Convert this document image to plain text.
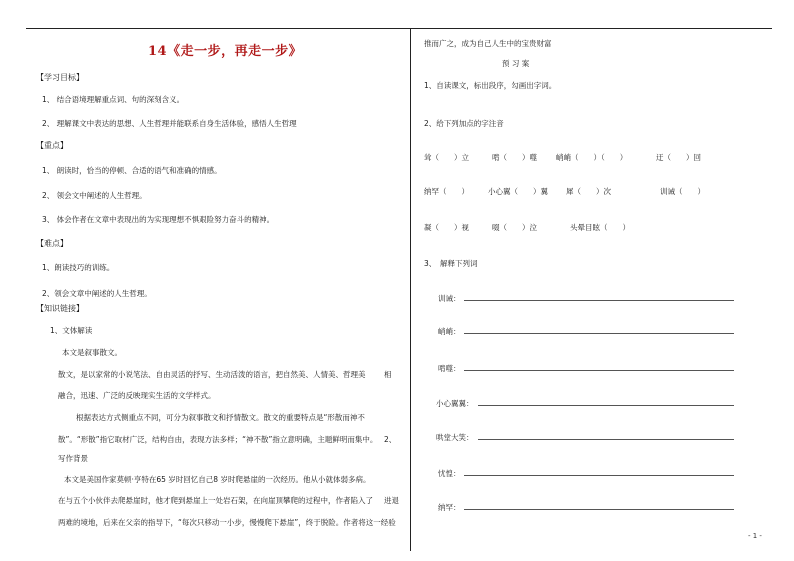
14《走一步，再走一步》
【学习目标】
1、 结合语境理解重点词、句的深刻含义。
2、 理解课文中表达的思想、人生哲理并能联系自身生活体验，感悟人生哲理
【重点】
1、 朗读时，恰当的停顿、合适的语气和准确的情感。
2、 领会文中阐述的人生哲理。
3、 体会作者在文章中表现出的为实现理想不惧艰险努力奋斗的精神。
【难点】
1、朗读技巧的训练。
2、领会文章中阐述的人生哲理。
【知识链接】
1、文体解读
本文是叙事散文。
散文，是以家常的小说笔法、自由灵活的抒写、生动活泼的语言，把自然美、人情美、哲理美 相
融合，迅速、广泛的反映现实生活的文学样式。
根据表达方式侧重点不同，可分为叙事散文和抒情散文。散文的重要特点是“形散而神不
散”。“形散”指它取材广泛，结构自由，表现方法多样；“神不散”指立意明确，主题鲜明而集中。 2、
写作背景
本文是美国作家莫顿·亨特在65 岁时回忆自己8 岁时爬悬崖的一次经历。他从小就体弱多病。
在与五个小伙伴去爬悬崖时，他才爬到悬崖上一处岩石架，在向崖顶攀爬的过程中，作者陷入了 进退
两难的境地，后来在父亲的指导下，“每次只移动一小步，慢慢爬下悬崖”，终于脱险。作者将这一经验
推而广之，成为自己人生中的宝贵财富
预 习 案
1、自读课文，标出段序，勾画出字词。
2、给下列加点的字注音
耸（　　）立	啃（　　）噬	峭峭（　　）（　　）	迂（　　）回
纳罕（　　）	小心翼（　　）翼 犀（　　）次	训诫（　　）
凝（　　）视	啜（　　）泣	头晕目眩（　　）
3、　解释下列词
训诫：
峭峭：
啃噬：
小心翼翼：
哄堂大笑：
忧惶：
纳罕：
- 1 -
